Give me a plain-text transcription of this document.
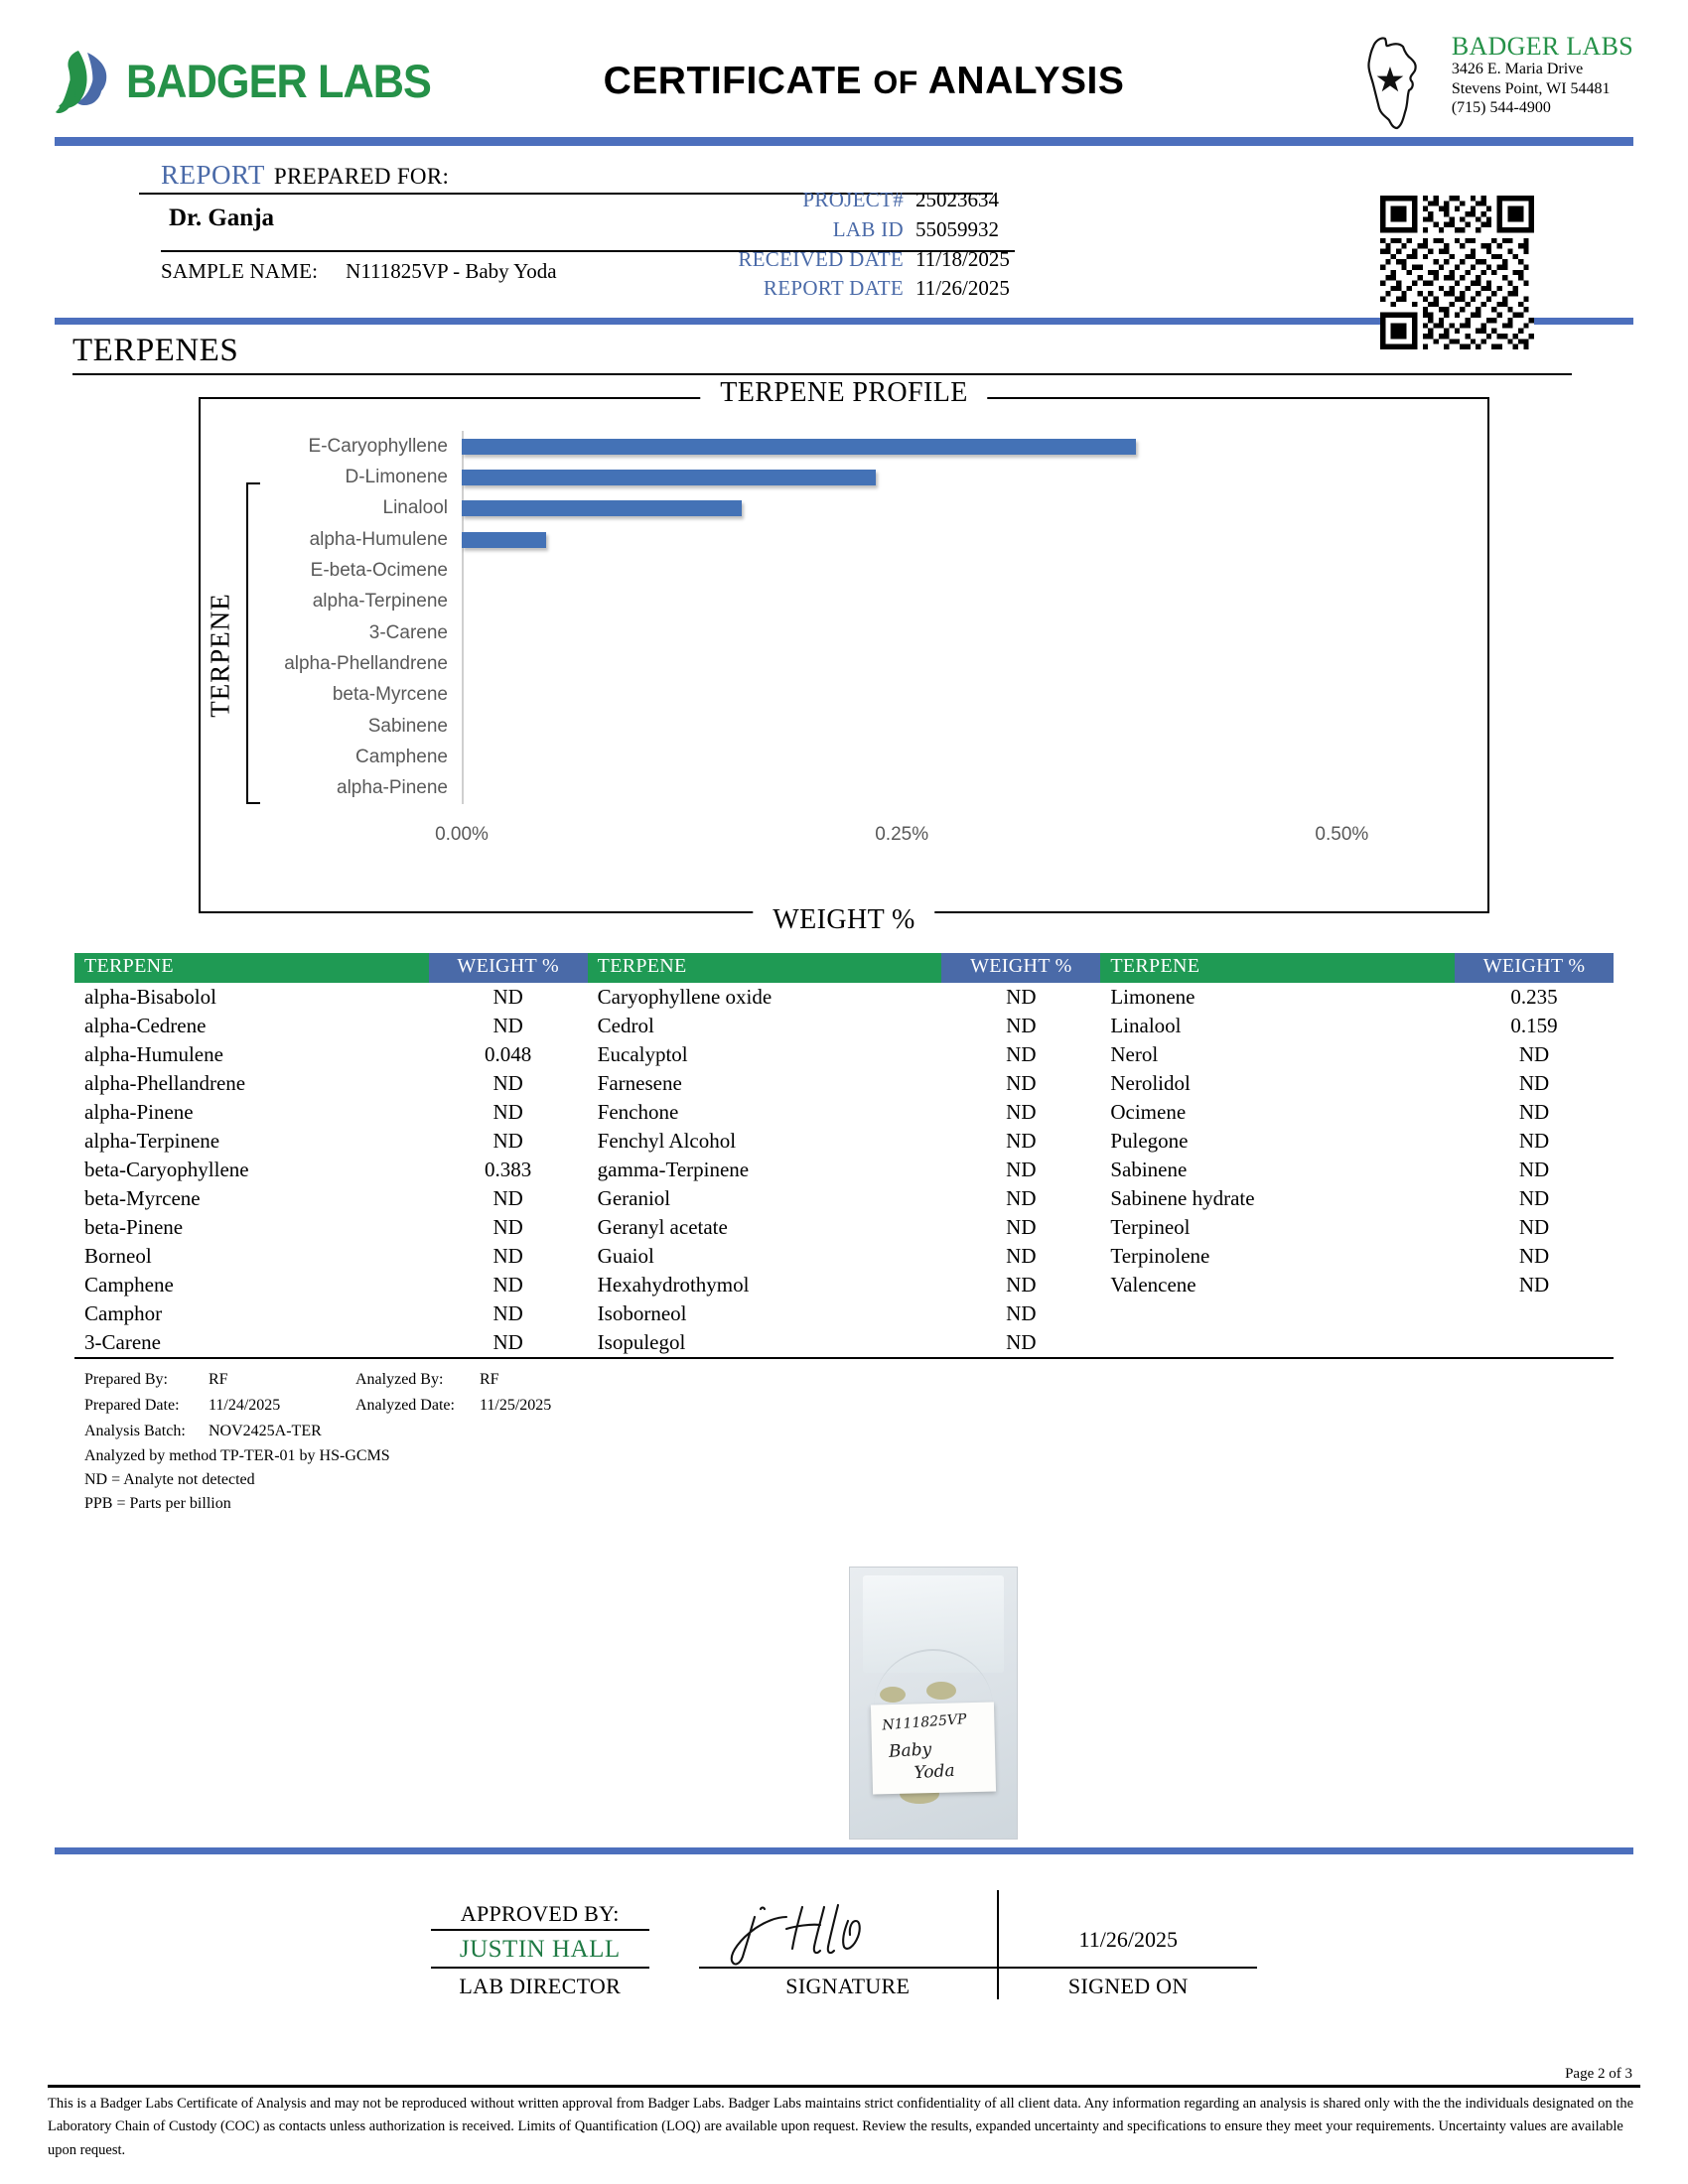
BADGER LABS	CERTIFICATE OF ANALYSIS
BADGER LABS
3426 E. Maria Drive
Stevens Point, WI 54481
(715) 544-4900
REPORT PREPARED FOR:
Dr. Ganja
PROJECT# 25023634
LAB ID 55059932
RECEIVED DATE 11/18/2025
REPORT DATE 11/26/2025
SAMPLE NAME: N111825VP - Baby Yoda
TERPENES
TERPENE PROFILE
WEIGHT %
TERPENE
E-Caryophyllene
D-Limonene
Linalool
alpha-Humulene
E-beta-Ocimene
alpha-Terpinene
3-Carene
alpha-Phellandrene
beta-Myrcene
Sabinene
Camphene
alpha-Pinene
0.00%	0.25%	0.50%
TERPENE	WEIGHT %
alpha-Bisabolol	ND
alpha-Cedrene	ND
alpha-Humulene	0.048
alpha-Phellandrene	ND
alpha-Pinene	ND
alpha-Terpinene	ND
beta-Caryophyllene	0.383
beta-Myrcene	ND
beta-Pinene	ND
Borneol	ND
Camphene	ND
Camphor	ND
3-Carene	ND
TERPENE	WEIGHT %
Caryophyllene oxide	ND
Cedrol	ND
Eucalyptol	ND
Farnesene	ND
Fenchone	ND
Fenchyl Alcohol	ND
gamma-Terpinene	ND
Geraniol	ND
Geranyl acetate	ND
Guaiol	ND
Hexahydrothymol	ND
Isoborneol	ND
Isopulegol	ND
TERPENE	WEIGHT %
Limonene	0.235
Linalool	0.159
Nerol	ND
Nerolidol	ND
Ocimene	ND
Pulegone	ND
Sabinene	ND
Sabinene hydrate	ND
Terpineol	ND
Terpinolene	ND
Valencene	ND
Prepared By:	RF	Analyzed By:	RF
Prepared Date:	11/24/2025	Analyzed Date:	11/25/2025
Analysis Batch:	NOV2425A-TER
Analyzed by method TP-TER-01 by HS-GCMS
ND = Analyte not detected
PPB = Parts per billion
N111825VP
Baby
Yoda
APPROVED BY:
JUSTIN HALL
LAB DIRECTOR	SIGNATURE
11/26/2025
SIGNED ON
Page 2 of 3
This is a Badger Labs Certificate of Analysis and may not be reproduced without written approval from Badger Labs. Badger Labs maintains strict confidentiality of all client data. Any information regarding an analysis is shared only with the the individuals designated on the Laboratory Chain of Custody (COC) as contacts unless authorization is received. Limits of Quantification (LOQ) are available upon request. Review the results, expanded uncertainty and specifications to ensure they meet your requirements. Uncertainty values are available upon request.
